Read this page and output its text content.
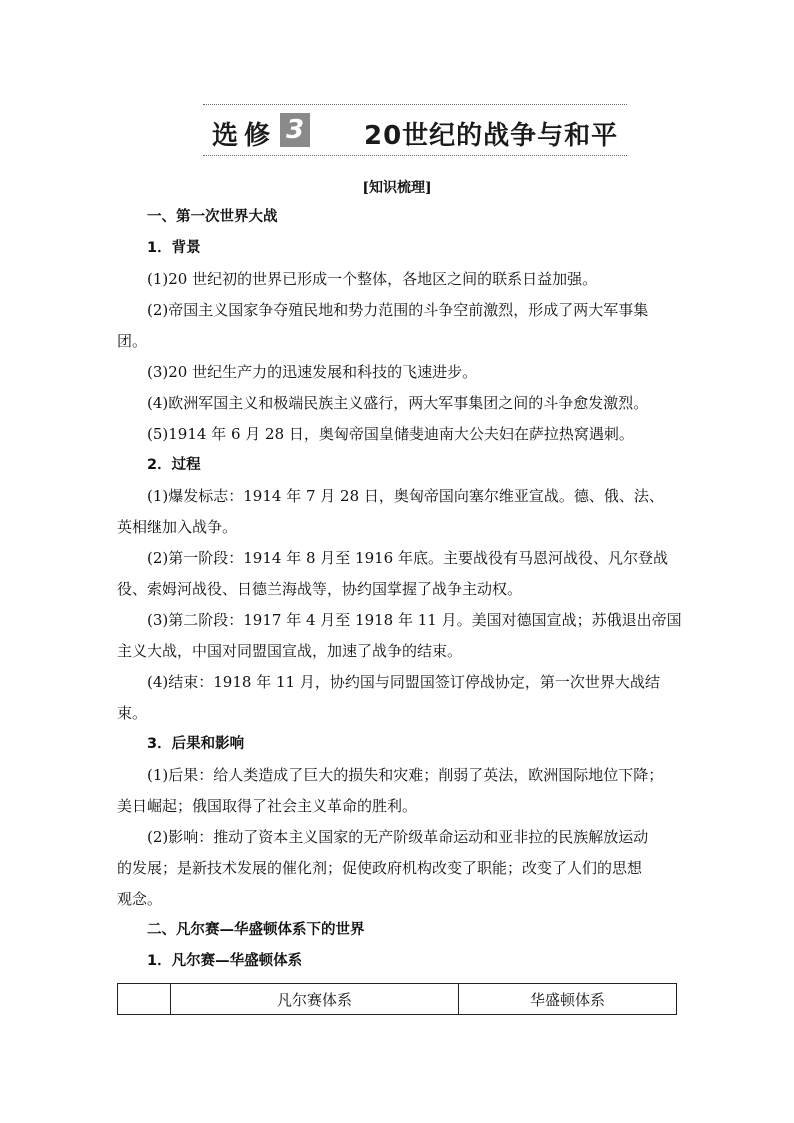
选修 3 20世纪的战争与和平
[知识梳理]
一、第一次世界大战
1．背景
(1)20 世纪初的世界已形成一个整体，各地区之间的联系日益加强。
(2)帝国主义国家争夺殖民地和势力范围的斗争空前激烈，形成了两大军事集
团。
(3)20 世纪生产力的迅速发展和科技的飞速进步。
(4)欧洲军国主义和极端民族主义盛行，两大军事集团之间的斗争愈发激烈。
(5)1914 年 6 月 28 日，奥匈帝国皇储斐迪南大公夫妇在萨拉热窝遇刺。
2．过程
(1)爆发标志：1914 年 7 月 28 日，奥匈帝国向塞尔维亚宣战。德、俄、法、
英相继加入战争。
(2)第一阶段：1914 年 8 月至 1916 年底。主要战役有马恩河战役、凡尔登战
役、索姆河战役、日德兰海战等，协约国掌握了战争主动权。
(3)第二阶段：1917 年 4 月至 1918 年 11 月。美国对德国宣战；苏俄退出帝国
主义大战，中国对同盟国宣战，加速了战争的结束。
(4)结束：1918 年 11 月，协约国与同盟国签订停战协定，第一次世界大战结
束。
3．后果和影响
(1)后果：给人类造成了巨大的损失和灾难；削弱了英法，欧洲国际地位下降；
美日崛起；俄国取得了社会主义革命的胜利。
(2)影响：推动了资本主义国家的无产阶级革命运动和亚非拉的民族解放运动
的发展；是新技术发展的催化剂；促使政府机构改变了职能；改变了人们的思想
观念。
二、凡尔赛—华盛顿体系下的世界
1．凡尔赛—华盛顿体系
	凡尔赛体系	华盛顿体系
